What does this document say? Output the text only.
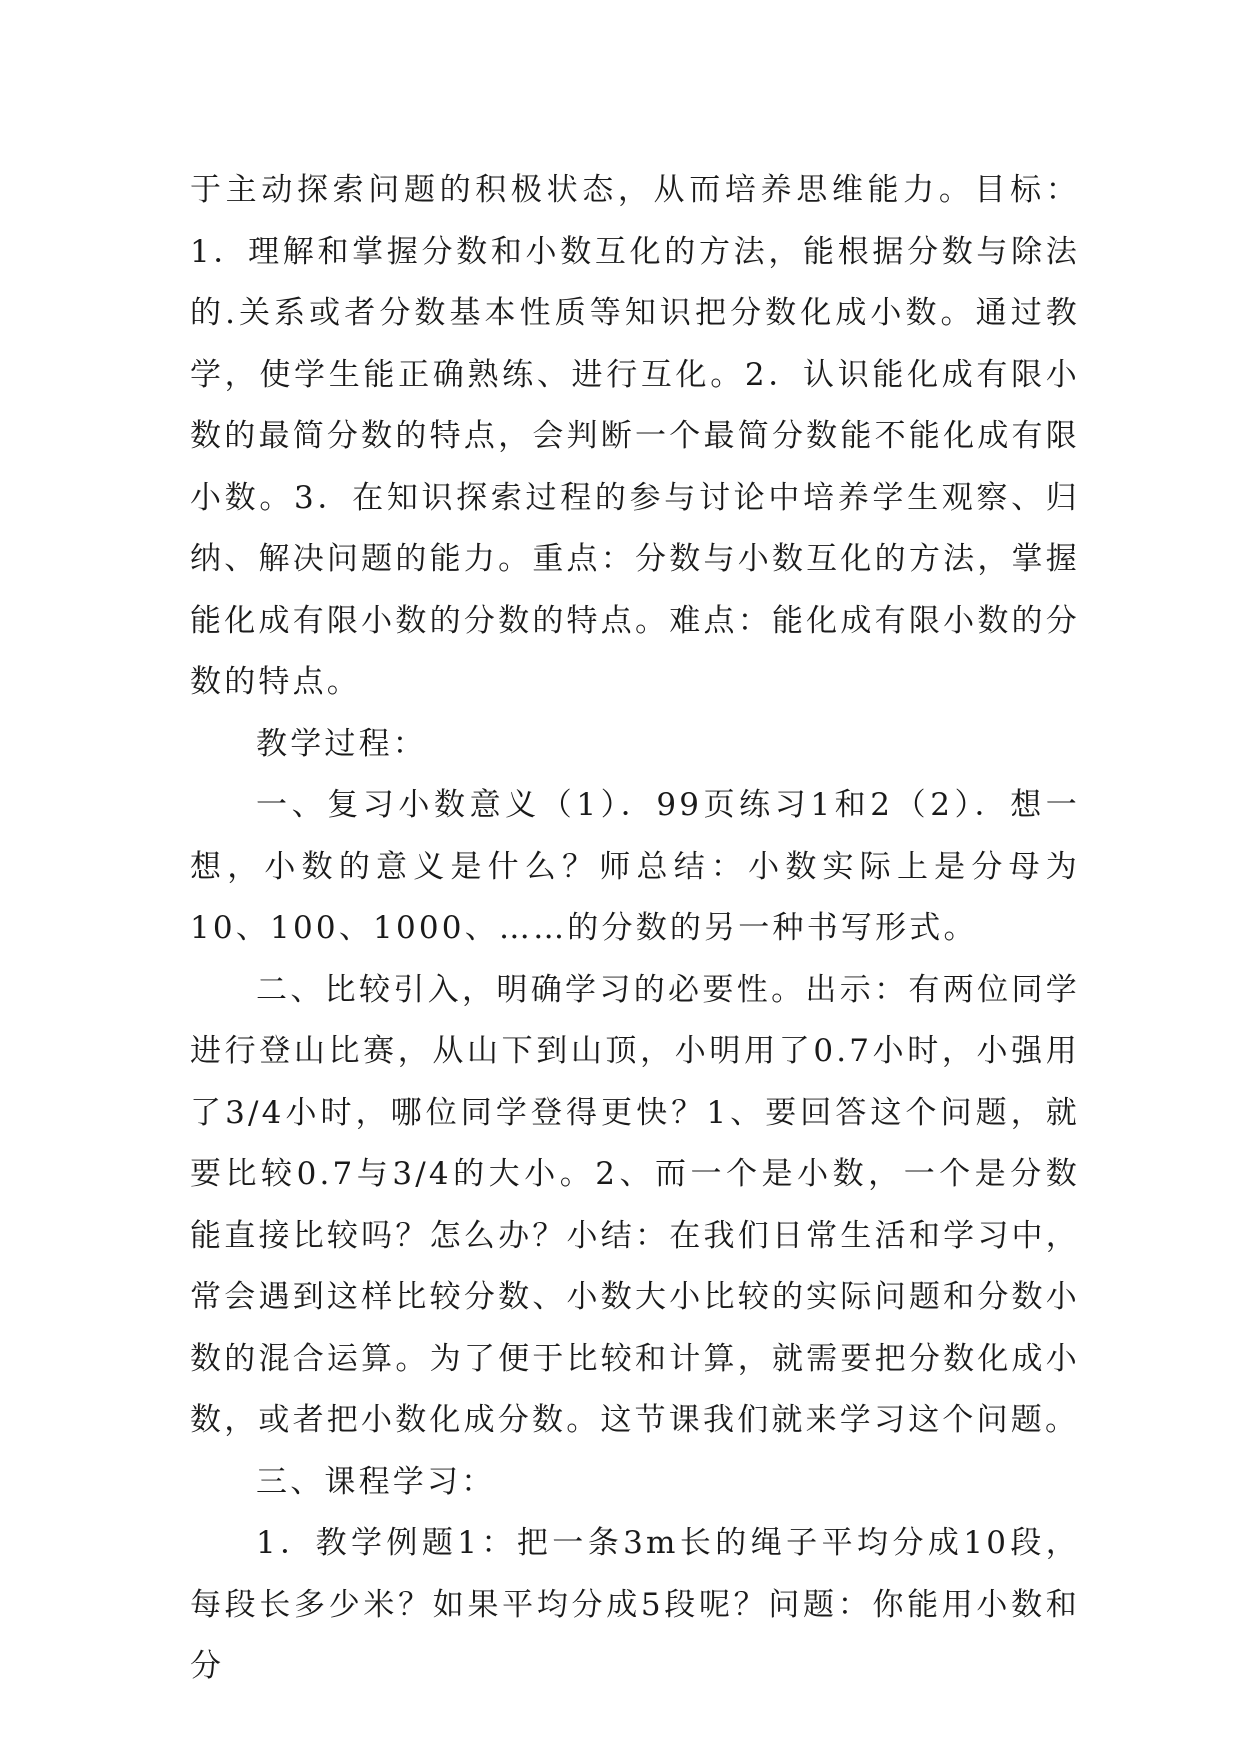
于主动探索问题的积极状态，从而培养思维能力。目标：1．理解和掌握分数和小数互化的方法，能根据分数与除法的.关系或者分数基本性质等知识把分数化成小数。通过教学，使学生能正确熟练、进行互化。2．认识能化成有限小数的最简分数的特点，会判断一个最简分数能不能化成有限小数。3．在知识探索过程的参与讨论中培养学生观察、归纳、解决问题的能力。重点：分数与小数互化的方法，掌握能化成有限小数的分数的特点。难点：能化成有限小数的分数的特点。

教学过程：

一、复习小数意义（1）．99页练习1和2（2）．想一想，小数的意义是什么？师总结：小数实际上是分母为10、100、1000、……的分数的另一种书写形式。

二、比较引入，明确学习的必要性。出示：有两位同学进行登山比赛，从山下到山顶，小明用了0.7小时，小强用了3/4小时，哪位同学登得更快？1、要回答这个问题，就要比较0.7与3/4的大小。2、而一个是小数，一个是分数能直接比较吗？怎么办？小结：在我们日常生活和学习中，常会遇到这样比较分数、小数大小比较的实际问题和分数小数的混合运算。为了便于比较和计算，就需要把分数化成小数，或者把小数化成分数。这节课我们就来学习这个问题。

三、课程学习：

1．教学例题1：把一条3m长的绳子平均分成10段，每段长多少米？如果平均分成5段呢？问题：你能用小数和分
